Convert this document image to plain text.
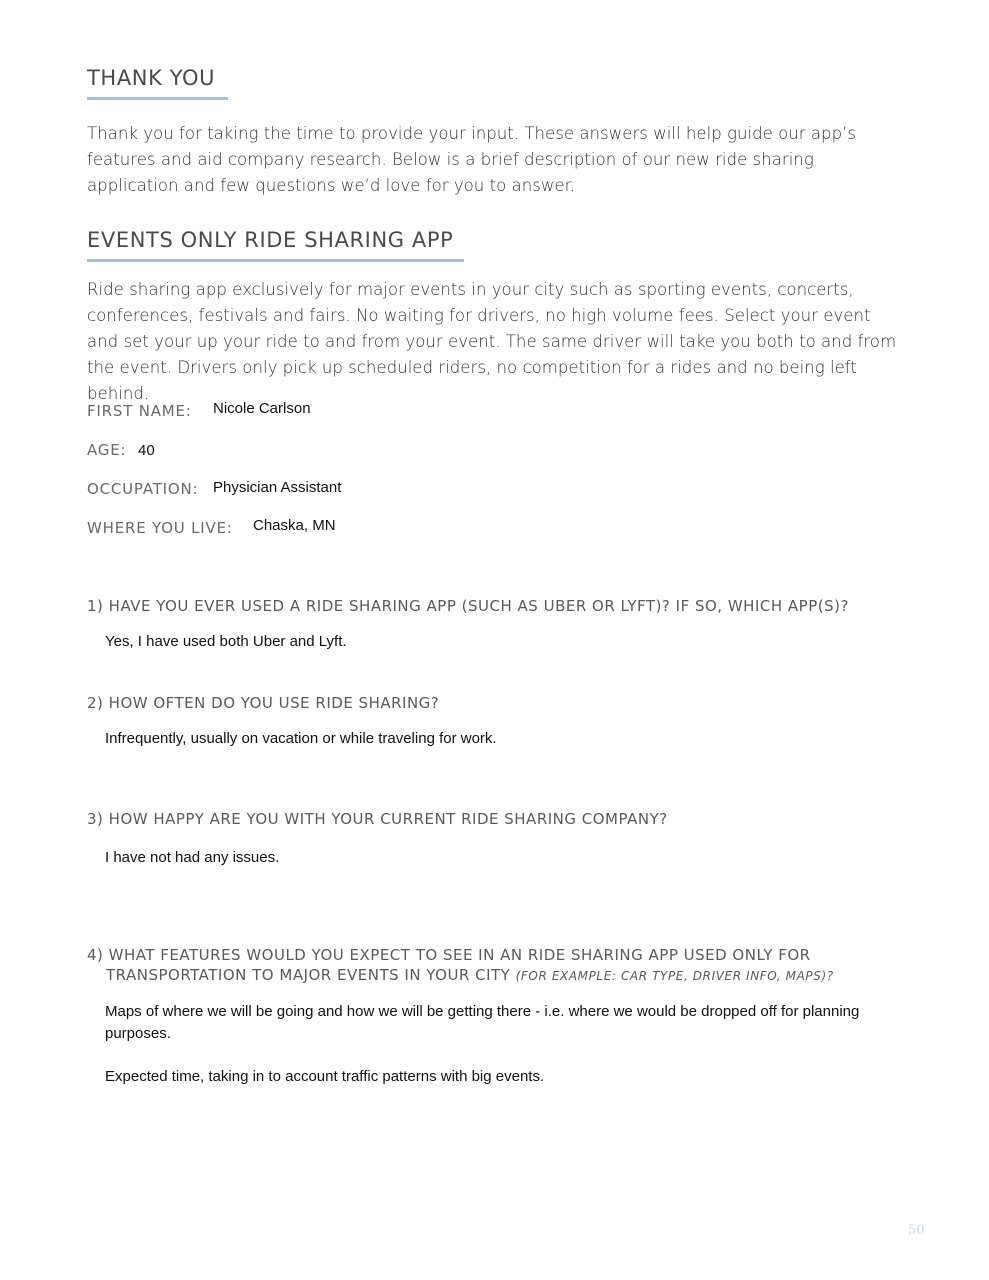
THANK YOU
Thank you for taking the time to provide your input. These answers will help guide our app’s features and aid company research. Below is a brief description of our new ride sharing application and few questions we’d love for you to answer.
EVENTS ONLY RIDE SHARING APP
Ride sharing app exclusively for major events in your city such as sporting events, concerts, conferences, festivals and fairs. No waiting for drivers, no high volume fees. Select your event and set your up your ride to and from your event. The same driver will take you both to and from the event. Drivers only pick up scheduled riders, no competition for a rides and no being left behind.
FIRST NAME: Nicole Carlson
AGE: 40
OCCUPATION: Physician Assistant
WHERE YOU LIVE: Chaska, MN
1) HAVE YOU EVER USED A RIDE SHARING APP (SUCH AS UBER OR LYFT)? IF SO, WHICH APP(S)?
Yes, I have used both Uber and Lyft.
2) HOW OFTEN DO YOU USE RIDE SHARING?
Infrequently, usually on vacation or while traveling for work.
3) HOW HAPPY ARE YOU WITH YOUR CURRENT RIDE SHARING COMPANY?
I have not had any issues.
4) WHAT FEATURES WOULD YOU EXPECT TO SEE IN AN RIDE SHARING APP USED ONLY FOR
TRANSPORTATION TO MAJOR EVENTS IN YOUR CITY (FOR EXAMPLE: CAR TYPE, DRIVER INFO, MAPS)?
Maps of where we will be going and how we will be getting there - i.e. where we would be dropped off for planning purposes.
Expected time, taking in to account traffic patterns with big events.
50
